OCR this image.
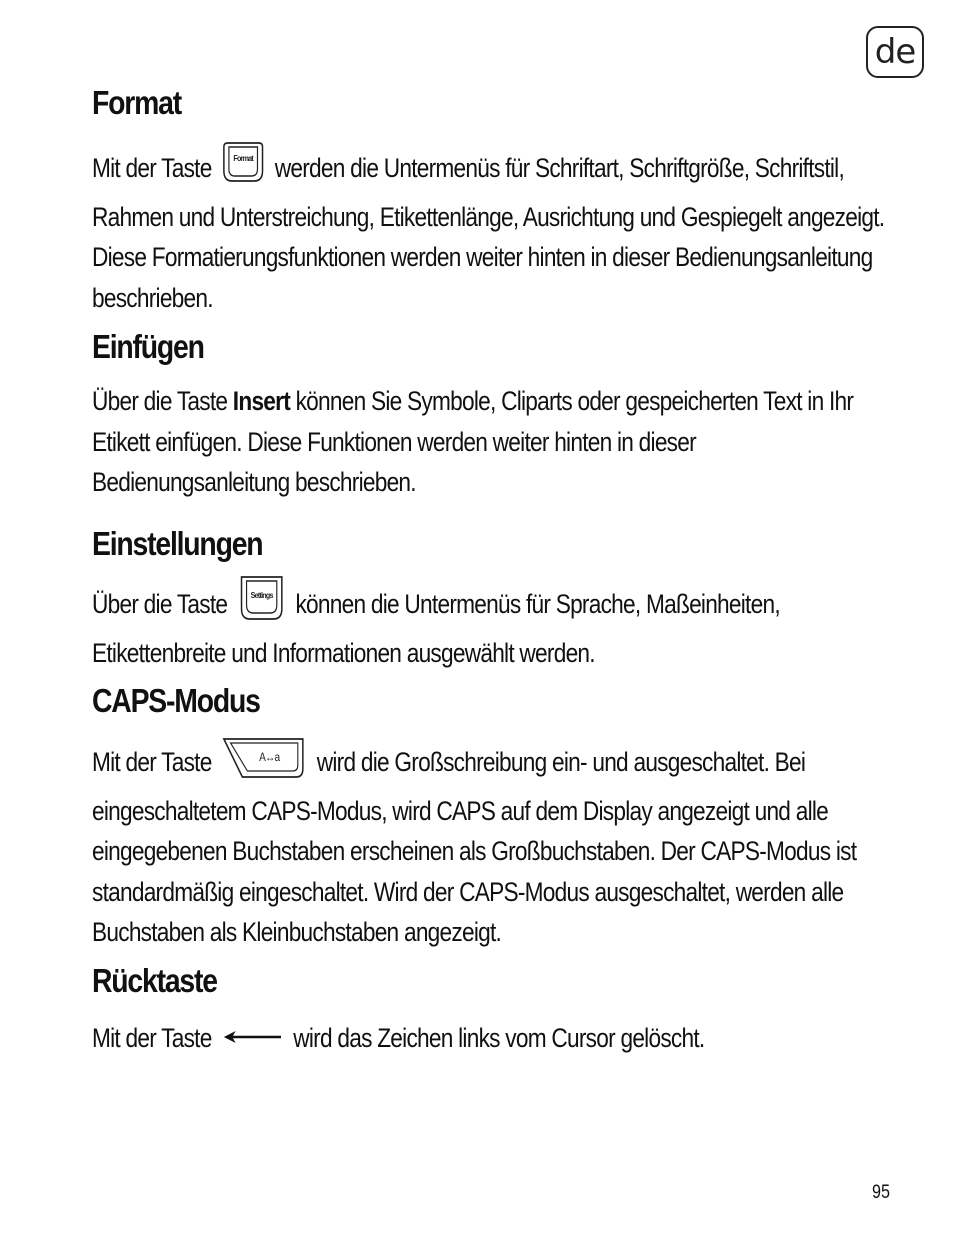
de
Format

Mit der Taste	Format werden die Untermenüs für Schriftart, Schriftgröße, Schriftstil, Rahmen und Unterstreichung, Etikettenlänge, Ausrichtung und Gespiegelt angezeigt. Diese Formatierungsfunktionen werden weiter hinten in dieser Bedienungsanleitung beschrieben.

Einfügen

Über die Taste Insert können Sie Symbole, Cliparts oder gespeicherten Text in Ihr Etikett einfügen. Diese Funktionen werden weiter hinten in dieser Bedienungsanleitung beschrieben.

Einstellungen

Über die Taste	Settings können die Untermenüs für Sprache, Maßeinheiten, Etikettenbreite und Informationen ausgewählt werden.

CAPS-Modus

Mit der Taste	A↔a wird die Großschreibung ein- und ausgeschaltet. Bei eingeschaltetem CAPS-Modus, wird CAPS auf dem Display angezeigt und alle eingegebenen Buchstaben erscheinen als Großbuchstaben. Der CAPS-Modus ist standardmäßig eingeschaltet. Wird der CAPS-Modus ausgeschaltet, werden alle Buchstaben als Kleinbuchstaben angezeigt.

Rücktaste

Mit der Taste	wird das Zeichen links vom Cursor gelöscht.

95
